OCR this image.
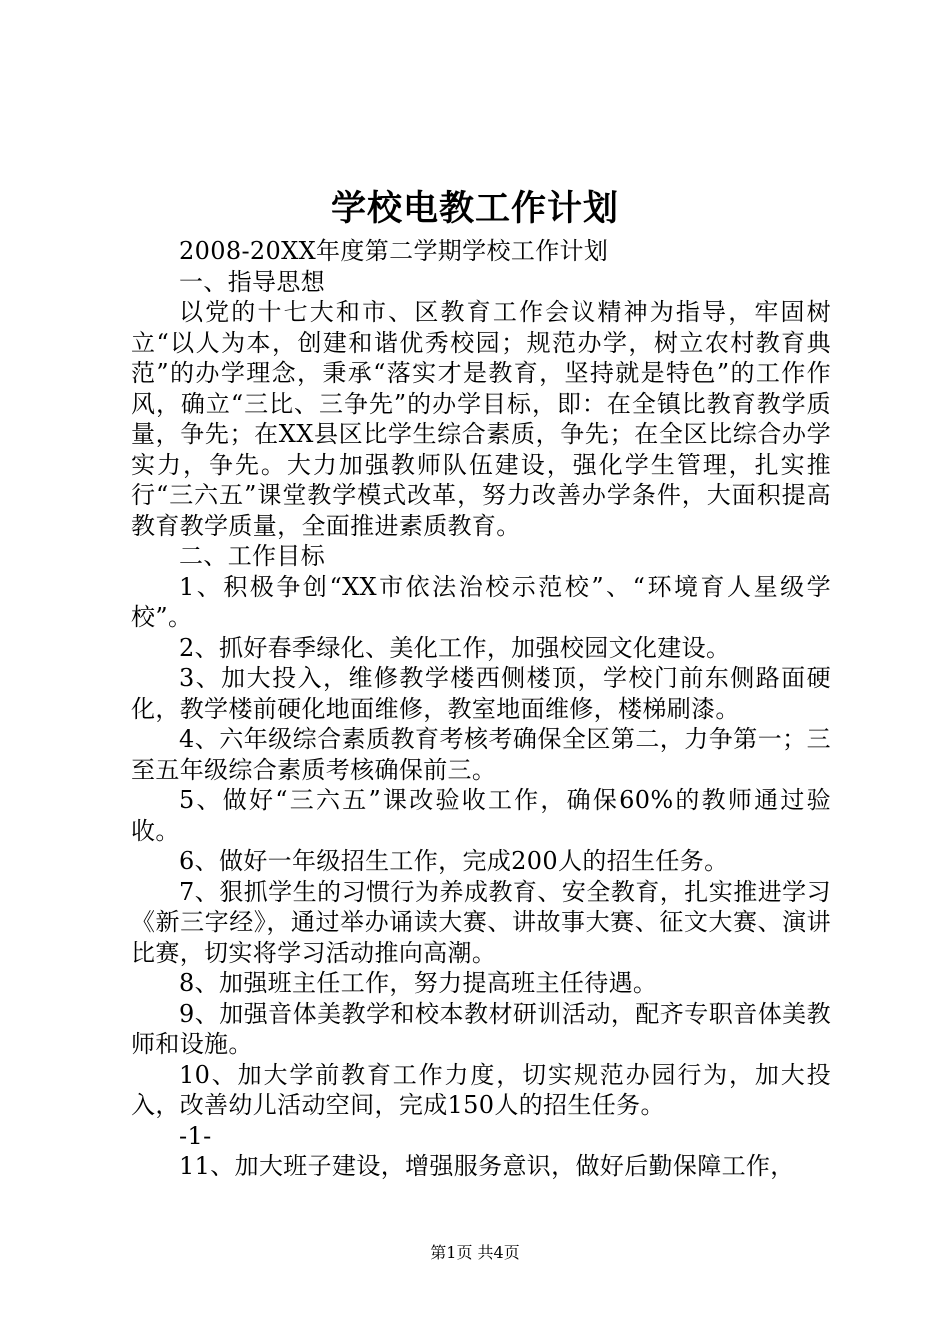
学校电教工作计划

2008-20XX年度第二学期学校工作计划

一、指导思想

以党的十七大和市、区教育工作会议精神为指导，牢固树立“以人为本，创建和谐优秀校园；规范办学，树立农村教育典范”的办学理念，秉承“落实才是教育，坚持就是特色”的工作作风，确立“三比、三争先”的办学目标，即：在全镇比教育教学质量，争先；在XX县区比学生综合素质，争先；在全区比综合办学实力，争先。大力加强教师队伍建设，强化学生管理，扎实推行“三六五”课堂教学模式改革，努力改善办学条件，大面积提高教育教学质量，全面推进素质教育。

二、工作目标

1、积极争创“XX市依法治校示范校”、“环境育人星级学校”。

2、抓好春季绿化、美化工作，加强校园文化建设。

3、加大投入，维修教学楼西侧楼顶，学校门前东侧路面硬化，教学楼前硬化地面维修，教室地面维修，楼梯刷漆。

4、六年级综合素质教育考核考确保全区第二，力争第一；三至五年级综合素质考核确保前三。

5、做好“三六五”课改验收工作，确保60%的教师通过验收。

6、做好一年级招生工作，完成200人的招生任务。

7、狠抓学生的习惯行为养成教育、安全教育，扎实推进学习《新三字经》，通过举办诵读大赛、讲故事大赛、征文大赛、演讲比赛，切实将学习活动推向高潮。

8、加强班主任工作，努力提高班主任待遇。

9、加强音体美教学和校本教材研训活动，配齐专职音体美教师和设施。

10、加大学前教育工作力度，切实规范办园行为，加大投入，改善幼儿活动空间，完成150人的招生任务。

-1-

11、加大班子建设，增强服务意识，做好后勤保障工作，

第1页 共4页
